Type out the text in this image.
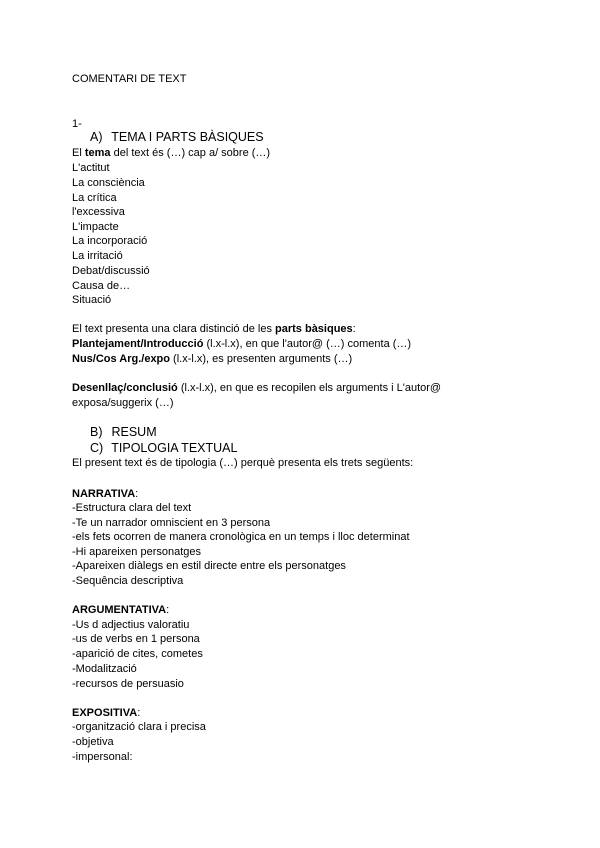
COMENTARI DE TEXT
1-
A) TEMA I PARTS BÀSIQUES
El tema del text és (…) cap a/ sobre (…)
L'actitut
La consciència
La crítica
l'excessiva
L'impacte
La incorporació
La irritació
Debat/discussió
Causa de…
Situació
El text presenta una clara distinció de les parts bàsiques:
Plantejament/Introducció (l.x-l.x), en que l'autor@ (…) comenta (…)
Nus/Cos Arg./expo (l.x-l.x), es presenten arguments (…)
Desenllaç/conclusió (l.x-l.x), en que es recopilen els arguments i L'autor@
exposa/suggerix (…)
B) RESUM
C) TIPOLOGIA TEXTUAL
El present text és de tipologia (…) perquè presenta els trets següents:
NARRATIVA:
-Estructura clara del text
-Te un narrador omniscient en 3 persona
-els fets ocorren de manera cronològica en un temps i lloc determinat
-Hi apareixen personatges
-Apareixen diàlegs en estil directe entre els personatges
-Sequência descriptiva
ARGUMENTATIVA:
-Us d adjectius valoratiu
-us de verbs en 1 persona
-aparició de cites, cometes
-Modalització
-recursos de persuasio
EXPOSITIVA:
-organització clara i precisa
-objetiva
-impersonal:
